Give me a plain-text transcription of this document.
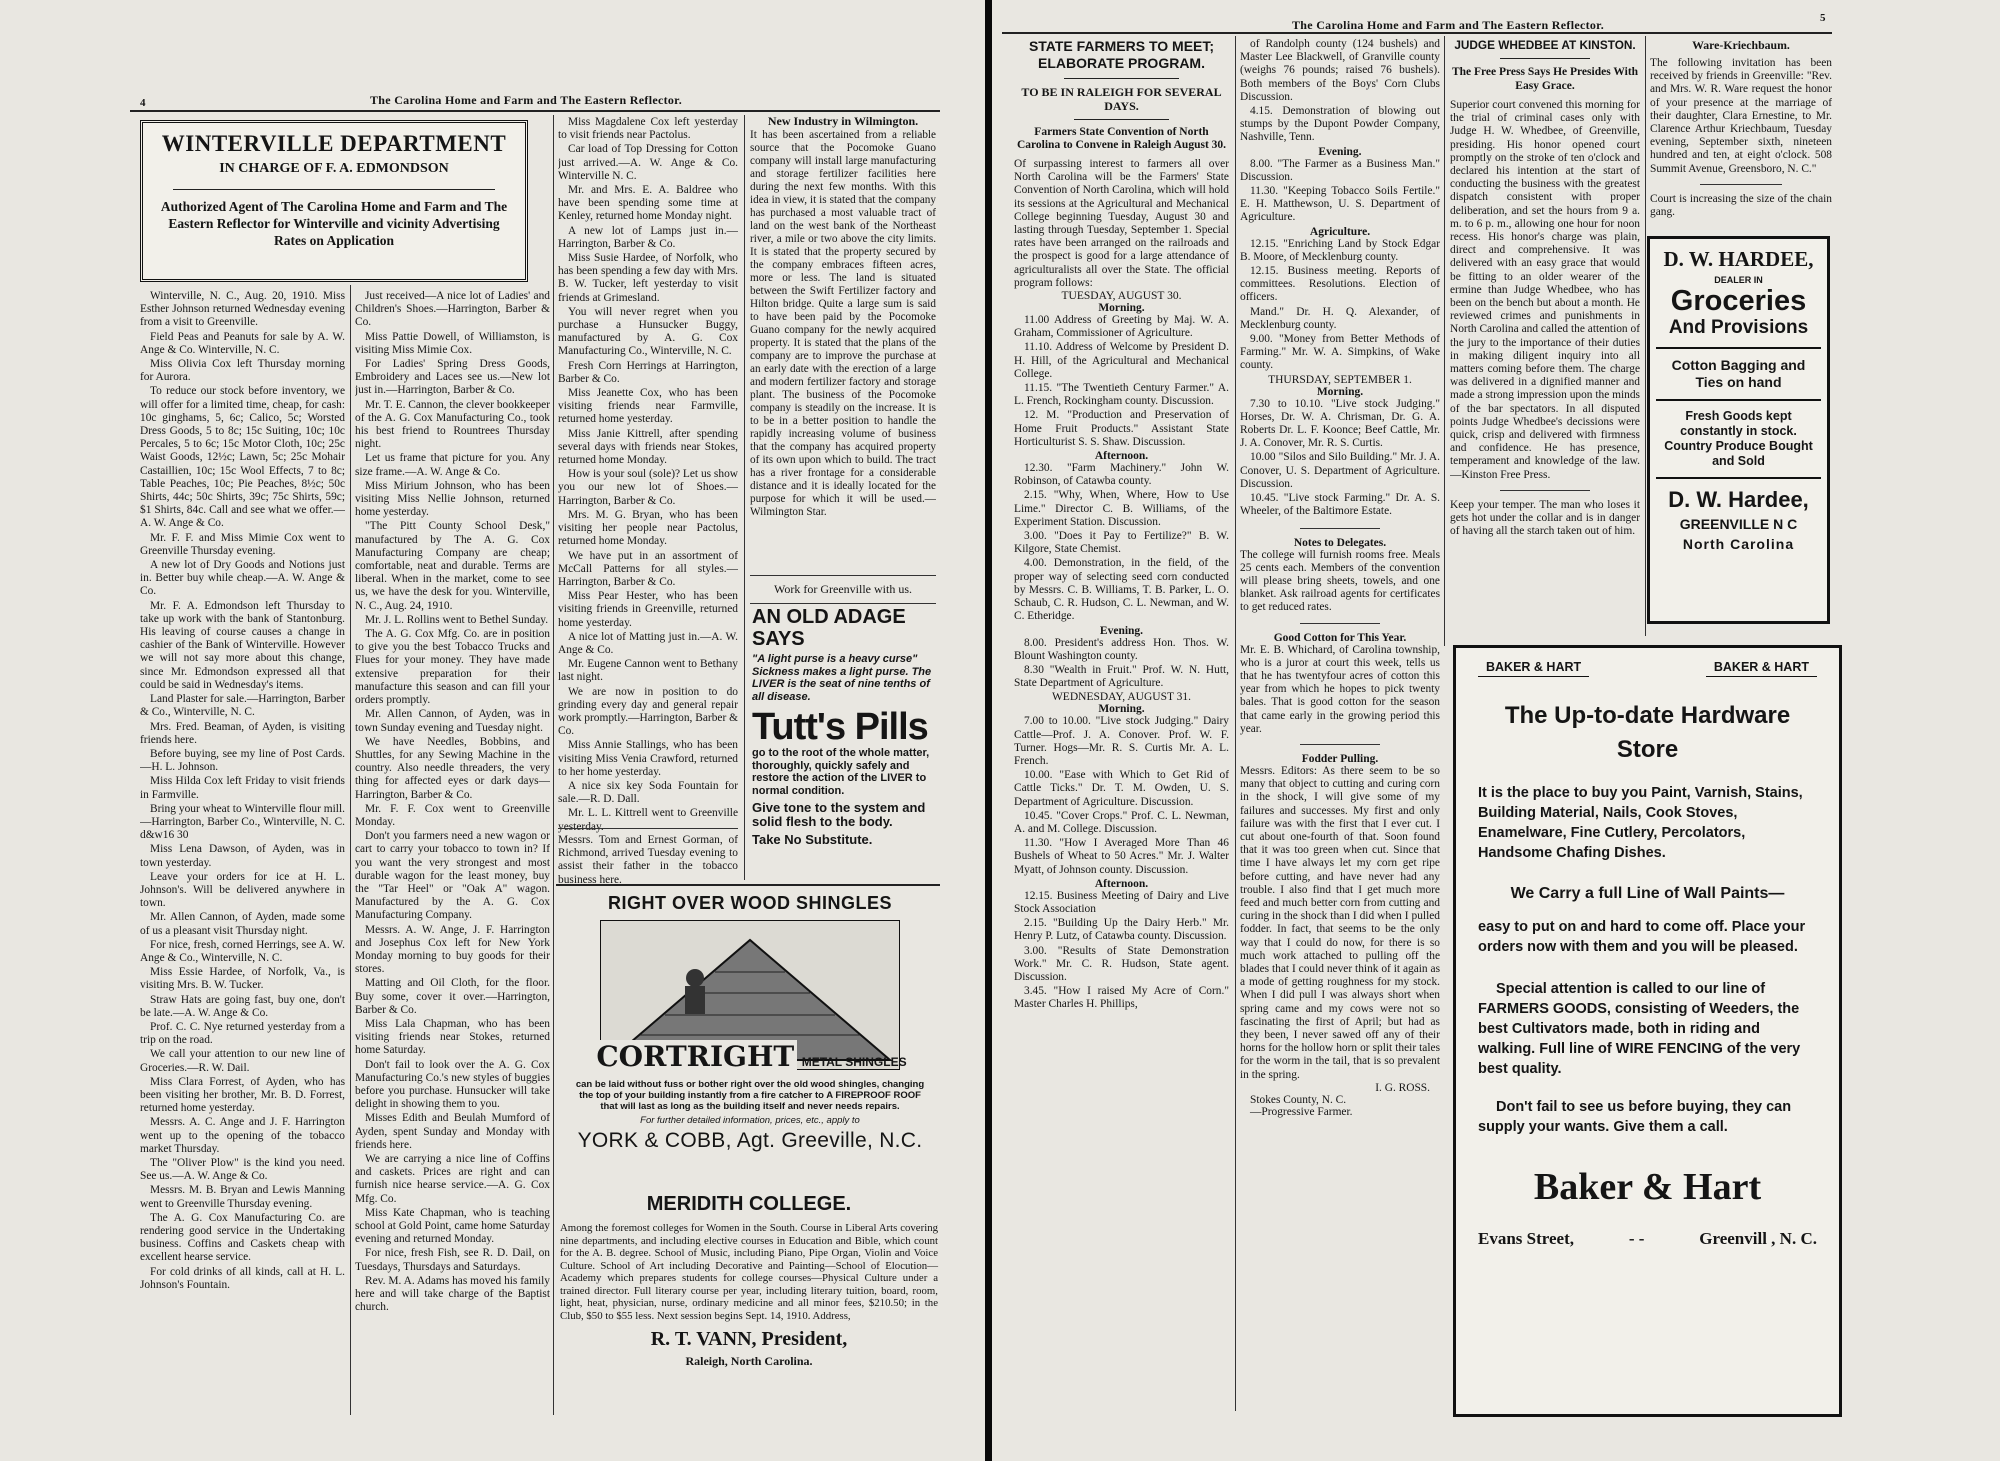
4	The Carolina Home and Farm and The Eastern Reflector.
WINTERVILLE DEPARTMENT
IN CHARGE OF F. A. EDMONDSON
Authorized Agent of The Carolina Home and Farm and The Eastern Reflector for Winterville and vicinity Advertising Rates on Application

Winterville, N. C., Aug. 20, 1910. Miss Esther Johnson returned Wednesday evening from a visit to Greenville.

Field Peas and Peanuts for sale by A. W. Ange & Co. Winterville, N. C.

Miss Olivia Cox left Thursday morning for Aurora.

To reduce our stock before inventory, we will offer for a limited time, cheap, for cash: 10c ginghams, 5, 6c; Calico, 5c; Worsted Dress Goods, 5 to 8c; 15c Suiting, 10c; 10c Percales, 5 to 6c; 15c Motor Cloth, 10c; 25c Waist Goods, 12½c; Lawn, 5c; 25c Mohair Castaillien, 10c; 15c Wool Effects, 7 to 8c; Table Peaches, 10c; Pie Peaches, 8½c; 50c Shirts, 44c; 50c Shirts, 39c; 75c Shirts, 59c; $1 Shirts, 84c. Call and see what we offer.—A. W. Ange & Co.

Mr. F. F. and Miss Mimie Cox went to Greenville Thursday evening.

A new lot of Dry Goods and Notions just in. Better buy while cheap.—A. W. Ange & Co.

Mr. F. A. Edmondson left Thursday to take up work with the bank of Stantonburg. His leaving of course causes a change in cashier of the Bank of Winterville. However we will not say more about this change, since Mr. Edmondson expressed all that could be said in Wednesday's items.

Land Plaster for sale.—Harrington, Barber & Co., Winterville, N. C.

Mrs. Fred. Beaman, of Ayden, is visiting friends here.

Before buying, see my line of Post Cards.—H. L. Johnson.

Miss Hilda Cox left Friday to visit friends in Farmville.

Bring your wheat to Winterville flour mill.—Harrington, Barber Co., Winterville, N. C. d&w16 30

Miss Lena Dawson, of Ayden, was in town yesterday.

Leave your orders for ice at H. L. Johnson's. Will be delivered anywhere in town.

Mr. Allen Cannon, of Ayden, made some of us a pleasant visit Thursday night.

For nice, fresh, corned Herrings, see A. W. Ange & Co., Winterville, N. C.

Miss Essie Hardee, of Norfolk, Va., is visiting Mrs. B. W. Tucker.

Straw Hats are going fast, buy one, don't be late.—A. W. Ange & Co.

Prof. C. C. Nye returned yesterday from a trip on the road.

We call your attention to our new line of Groceries.—R. W. Dail.

Miss Clara Forrest, of Ayden, who has been visiting her brother, Mr. B. D. Forrest, returned home yesterday.

Messrs. A. C. Ange and J. F. Harrington went up to the opening of the tobacco market Thursday.

The "Oliver Plow" is the kind you need. See us.—A. W. Ange & Co.

Messrs. M. B. Bryan and Lewis Manning went to Greenville Thursday evening.

The A. G. Cox Manufacturing Co. are rendering good service in the Undertaking business. Coffins and Caskets cheap with excellent hearse service.

For cold drinks of all kinds, call at H. L. Johnson's Fountain.

Just received—A nice lot of Ladies' and Children's Shoes.—Harrington, Barber & Co.

Miss Pattie Dowell, of Williamston, is visiting Miss Mimie Cox.

For Ladies' Spring Dress Goods, Embroidery and Laces see us.—New lot just in.—Harrington, Barber & Co.

Mr. T. E. Cannon, the clever bookkeeper of the A. G. Cox Manufacturing Co., took his best friend to Rountrees Thursday night.

Let us frame that picture for you. Any size frame.—A. W. Ange & Co.

Miss Mirium Johnson, who has been visiting Miss Nellie Johnson, returned home yesterday.

"The Pitt County School Desk," manufactured by The A. G. Cox Manufacturing Company are cheap; comfortable, neat and durable. Terms are liberal. When in the market, come to see us, we have the desk for you. Winterville, N. C., Aug. 24, 1910.

Mr. J. L. Rollins went to Bethel Sunday.

The A. G. Cox Mfg. Co. are in position to give you the best Tobacco Trucks and Flues for your money. They have made extensive preparation for their manufacture this season and can fill your orders promptly.

Mr. Allen Cannon, of Ayden, was in town Sunday evening and Tuesday night.

We have Needles, Bobbins, and Shuttles, for any Sewing Machine in the country. Also needle threaders, the very thing for affected eyes or dark days—Harrington, Barber & Co.

Mr. F. F. Cox went to Greenville Monday.

Don't you farmers need a new wagon or cart to carry your tobacco to town in? If you want the very strongest and most durable wagon for the least money, buy the "Tar Heel" or "Oak A" wagon. Manufactured by the A. G. Cox Manufacturing Company.

Messrs. A. W. Ange, J. F. Harrington and Josephus Cox left for New York Monday morning to buy goods for their stores.

Matting and Oil Cloth, for the floor. Buy some, cover it over.—Harrington, Barber & Co.

Miss Lala Chapman, who has been visiting friends near Stokes, returned home Saturday.

Don't fail to look over the A. G. Cox Manufacturing Co.'s new styles of buggies before you purchase. Hunsucker will take delight in showing them to you.

Misses Edith and Beulah Mumford of Ayden, spent Sunday and Monday with friends here.

We are carrying a nice line of Coffins and caskets. Prices are right and can furnish nice hearse service.—A. G. Cox Mfg. Co.

Miss Kate Chapman, who is teaching school at Gold Point, came home Saturday evening and returned Monday.

For nice, fresh Fish, see R. D. Dail, on Tuesdays, Thursdays and Saturdays.

Rev. M. A. Adams has moved his family here and will take charge of the Baptist church.

Miss Magdalene Cox left yesterday to visit friends near Pactolus.

Car load of Top Dressing for Cotton just arrived.—A. W. Ange & Co. Winterville N. C.

Mr. and Mrs. E. A. Baldree who have been spending some time at Kenley, returned home Monday night.

A new lot of Lamps just in.—Harrington, Barber & Co.

Miss Susie Hardee, of Norfolk, who has been spending a few day with Mrs. B. W. Tucker, left yesterday to visit friends at Grimesland.

You will never regret when you purchase a Hunsucker Buggy, manufactured by A. G. Cox Manufacturing Co., Winterville, N. C.

Fresh Corn Herrings at Harrington, Barber & Co.

Miss Jeanette Cox, who has been visiting friends near Farmville, returned home yesterday.

Miss Janie Kittrell, after spending several days with friends near Stokes, returned home Monday.

How is your soul (sole)? Let us show you our new lot of Shoes.—Harrington, Barber & Co.

Mrs. M. G. Bryan, who has been visiting her people near Pactolus, returned home Monday.

We have put in an assortment of McCall Patterns for all styles.—Harrington, Barber & Co.

Miss Pear Hester, who has been visiting friends in Greenville, returned home yesterday.

A nice lot of Matting just in.—A. W. Ange & Co.

Mr. Eugene Cannon went to Bethany last night.

We are now in position to do grinding every day and general repair work promptly.—Harrington, Barber & Co.

Miss Annie Stallings, who has been visiting Miss Venia Crawford, returned to her home yesterday.

A nice six key Soda Fountain for sale.—R. D. Dall.

Mr. L. L. Kittrell went to Greenville yesterday.

Messrs. Tom and Ernest Gorman, of Richmond, arrived Tuesday evening to assist their father in the tobacco business here.
New Industry in Wilmington.
It has been ascertained from a reliable source that the Pocomoke Guano company will install large manufacturing and storage fertilizer facilities here during the next few months. With this idea in view, it is stated that the company has purchased a most valuable tract of land on the west bank of the Northeast river, a mile or two above the city limits. It is stated that the property secured by the company embraces fifteen acres, more or less. The land is situated between the Swift Fertilizer factory and Hilton bridge. Quite a large sum is said to have been paid by the Pocomoke Guano company for the newly acquired property. It is stated that the plans of the company are to improve the purchase at an early date with the erection of a large and modern fertilizer factory and storage plant. The business of the Pocomoke company is steadily on the increase. It is to be in a better position to handle the rapidly increasing volume of business that the company has acquired property of its own upon which to build. The tract has a river frontage for a considerable distance and it is ideally located for the purpose for which it will be used.—Wilmington Star.
Work for Greenville with us.
AN OLD ADAGE SAYS
"A light purse is a heavy curse" Sickness makes a light purse. The LIVER is the seat of nine tenths of all disease.
Tutt's Pills
go to the root of the whole matter, thoroughly, quickly safely and restore the action of the LIVER to normal condition.
Give tone to the system and solid flesh to the body.
Take No Substitute.
RIGHT OVER WOOD SHINGLES
CORTRIGHT METAL SHINGLES
can be laid without fuss or bother right over the old wood shingles, changing the top of your building instantly from a fire catcher to A FIREPROOF ROOF that will last as long as the building itself and never needs repairs.
For further detailed information, prices, etc., apply to
YORK & COBB, Agt. Greeville, N.C.
MERIDITH COLLEGE.
Among the foremost colleges for Women in the South. Course in Liberal Arts covering nine departments, and including elective courses in Education and Bible, which count for the A. B. degree. School of Music, including Piano, Pipe Organ, Violin and Voice Culture. School of Art including Decorative and Painting—School of Elocution—Academy which prepares students for college courses—Physical Culture under a trained director. Full literary course per year, including literary tuition, board, room, light, heat, physician, nurse, ordinary medicine and all minor fees, $210.50; in the Club, $50 to $55 less. Next session begins Sept. 14, 1910. Address,
R. T. VANN, President,
Raleigh, North Carolina.
The Carolina Home and Farm and The Eastern Reflector.	5
STATE FARMERS TO MEET; ELABORATE PROGRAM.
TO BE IN RALEIGH FOR SEVERAL DAYS.
Farmers State Convention of North Carolina to Convene in Raleigh August 30.
Of surpassing interest to farmers all over North Carolina will be the Farmers' State Convention of North Carolina, which will hold its sessions at the Agricultural and Mechanical College beginning Tuesday, August 30 and lasting through Tuesday, September 1. Special rates have been arranged on the railroads and the prospect is good for a large attendance of agriculturalists all over the State. The official program follows:
TUESDAY, AUGUST 30.
Morning.

11.00 Address of Greeting by Maj. W. A. Graham, Commissioner of Agriculture.

11.10. Address of Welcome by President D. H. Hill, of the Agricultural and Mechanical College.

11.15. "The Twentieth Century Farmer." A. L. French, Rockingham county. Discussion.

12. M. "Production and Preservation of Home Fruit Products." Assistant State Horticulturist S. S. Shaw. Discussion.

Afternoon.

12.30. "Farm Machinery." John W. Robinson, of Catawba county.

2.15. "Why, When, Where, How to Use Lime." Director C. B. Williams, of the Experiment Station. Discussion.

3.00. "Does it Pay to Fertilize?" B. W. Kilgore, State Chemist.

4.00. Demonstration, in the field, of the proper way of selecting seed corn conducted by Messrs. C. B. Williams, T. B. Parker, L. O. Schaub, C. R. Hudson, C. L. Newman, and W. C. Etheridge.

Evening.

8.00. President's address Hon. Thos. W. Blount Washington county.

8.30 "Wealth in Fruit." Prof. W. N. Hutt, State Department of Agriculture.

WEDNESDAY, AUGUST 31.
Morning.

7.00 to 10.00. "Live stock Judging." Dairy Cattle—Prof. J. A. Conover. Prof. W. F. Turner. Hogs—Mr. R. S. Curtis Mr. A. L. French.

10.00. "Ease with Which to Get Rid of Cattle Ticks." Dr. T. M. Owden, U. S. Department of Agriculture. Discussion.

10.45. "Cover Crops." Prof. C. L. Newman, A. and M. College. Discussion.

11.30. "How I Averaged More Than 46 Bushels of Wheat to 50 Acres." Mr. J. Walter Myatt, of Johnson county. Discussion.

Afternoon.

12.15. Business Meeting of Dairy and Live Stock Association

2.15. "Building Up the Dairy Herb." Mr. Henry P. Lutz, of Catawba county. Discussion.

3.00. "Results of State Demonstration Work." Mr. C. R. Hudson, State agent. Discussion.

3.45. "How I raised My Acre of Corn." Master Charles H. Phillips,

of Randolph county (124 bushels) and Master Lee Blackwell, of Granville county (weighs 76 pounds; raised 76 bushels). Both members of the Boys' Corn Clubs Discussion.

4.15. Demonstration of blowing out stumps by the Dupont Powder Company, Nashville, Tenn.

Evening.

8.00. "The Farmer as a Business Man." Discussion.

11.30. "Keeping Tobacco Soils Fertile." E. H. Matthewson, U. S. Department of Agriculture.

Agriculture.

12.15. "Enriching Land by Stock Edgar B. Moore, of Mecklenburg county.

12.15. Business meeting. Reports of committees. Resolutions. Election of officers.

Mand." Dr. H. Q. Alexander, of Mecklenburg county.

9.00. "Money from Better Methods of Farming." Mr. W. A. Simpkins, of Wake county.

THURSDAY, SEPTEMBER 1.
Morning.

7.30 to 10.10. "Live stock Judging." Horses, Dr. W. A. Chrisman, Dr. G. A. Roberts Dr. L. F. Koonce; Beef Cattle, Mr. J. A. Conover, Mr. R. S. Curtis.

10.00 "Silos and Silo Building." Mr. J. A. Conover, U. S. Department of Agriculture. Discussion.

10.45. "Live stock Farming." Dr. A. S. Wheeler, of the Baltimore Estate.

Notes to Delegates.
The college will furnish rooms free. Meals 25 cents each. Members of the convention will please bring sheets, towels, and one blanket. Ask railroad agents for certificates to get reduced rates.
Good Cotton for This Year.
Mr. E. B. Whichard, of Carolina township, who is a juror at court this week, tells us that he has twentyfour acres of cotton this year from which he hopes to pick twenty bales. That is good cotton for the season that came early in the growing period this year.
Fodder Pulling.
Messrs. Editors: As there seem to be so many that object to cutting and curing corn in the shock, I will give some of my failures and successes. My first and only failure was with the first that I ever cut. I cut about one-fourth of that. Soon found that it was too green when cut. Since that time I have always let my corn get ripe before cutting, and have never had any trouble. I also find that I get much more feed and much better corn from cutting and curing in the shock than I did when I pulled fodder. In fact, that seems to be the only way that I could do now, for there is so much work attached to pulling off the blades that I could never think of it again as a mode of getting roughness for my stock. When I did pull I was always short when spring came and my cows were not so fascinating the first of April; but had as they been, I never sawed off any of their horns for the hollow horn or split their tales for the worm in the tail, that is so prevalent in the spring.
I. G. ROSS.
Stokes County, N. C.
—Progressive Farmer.
JUDGE WHEDBEE AT KINSTON.
The Free Press Says He Presides With Easy Grace.
Superior court convened this morning for the trial of criminal cases only with Judge H. W. Whedbee, of Greenville, presiding. His honor opened court promptly on the stroke of ten o'clock and declared his intention at the start of conducting the business with the greatest dispatch consistent with proper deliberation, and set the hours from 9 a. m. to 6 p. m., allowing one hour for noon recess. His honor's charge was plain, direct and comprehensive. It was delivered with an easy grace that would be fitting to an older wearer of the ermine than Judge Whedbee, who has been on the bench but about a month. He reviewed crimes and punishments in North Carolina and called the attention of the jury to the importance of their duties in making diligent inquiry into all matters coming before them. The charge was delivered in a dignified manner and made a strong impression upon the minds of the bar spectators. In all disputed points Judge Whedbee's decissions were quick, crisp and delivered with firmness and confidence. He has presence, temperament and knowledge of the law.—Kinston Free Press.
Keep your temper. The man who loses it gets hot under the collar and is in danger of having all the starch taken out of him.
Ware-Kriechbaum.
The following invitation has been received by friends in Greenville: "Rev. and Mrs. W. R. Ware request the honor of your presence at the marriage of their daughter, Clara Ernestine, to Mr. Clarence Arthur Kriechbaum, Tuesday evening, September sixth, nineteen hundred and ten, at eight o'clock. 508 Summit Avenue, Greensboro, N. C."
Court is increasing the size of the chain gang.
D. W. HARDEE,
DEALER IN
Groceries
And Provisions
Cotton Bagging and Ties on hand
Fresh Goods kept constantly in stock. Country Produce Bought and Sold
D. W. Hardee,
GREENVILLE N C
North Carolina
BAKER & HART	BAKER & HART
The Up-to-date Hardware Store
It is the place to buy you Paint, Varnish, Stains, Building Material, Nails, Cook Stoves, Enamelware, Fine Cutlery, Percolators, Handsome Chafing Dishes.
We Carry a full Line of Wall Paints—
easy to put on and hard to come off. Place your orders now with them and you will be pleased.
Special attention is called to our line of FARMERS GOODS, consisting of Weeders, the best Cultivators made, both in riding and walking. Full line of WIRE FENCING of the very best quality.
Don't fail to see us before buying, they can supply your wants. Give them a call.
Baker & Hart
Evans Street,	- -	Greenvill , N. C.
